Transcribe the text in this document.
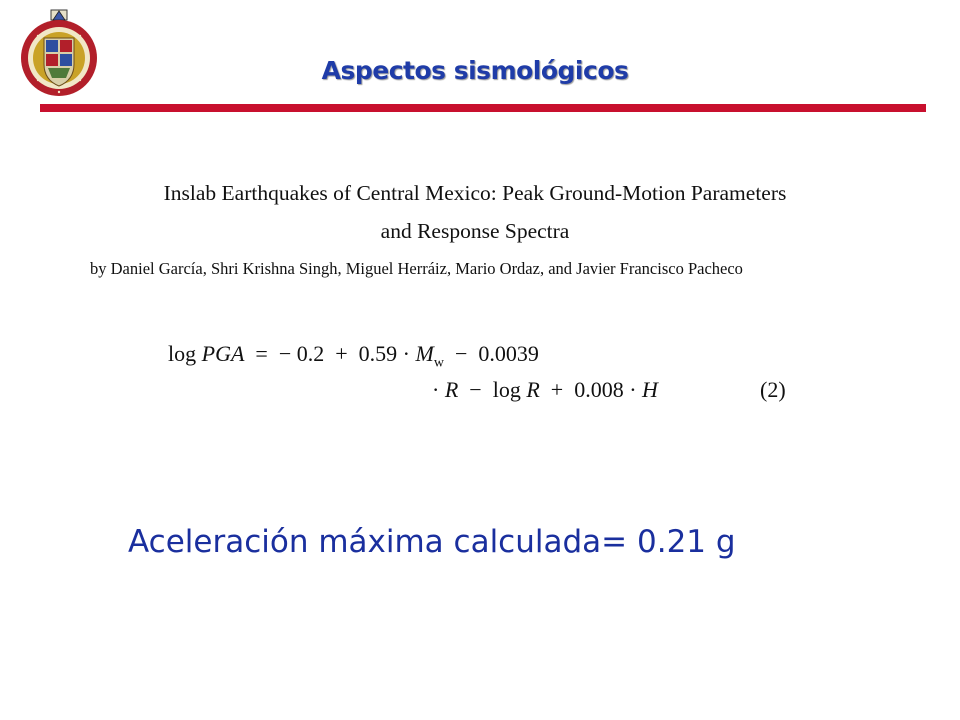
Aspectos sismológicos
Inslab Earthquakes of Central Mexico: Peak Ground-Motion Parameters
and Response Spectra
by Daniel García, Shri Krishna Singh, Miguel Herráiz, Mario Ordaz, and Javier Francisco Pacheco
log PGA = − $0.2 + 0.59 \cdot M_w - 0.0039$
· R − log R + 0.008 · H	(2)
Aceleración máxima calculada= 0.21 g
